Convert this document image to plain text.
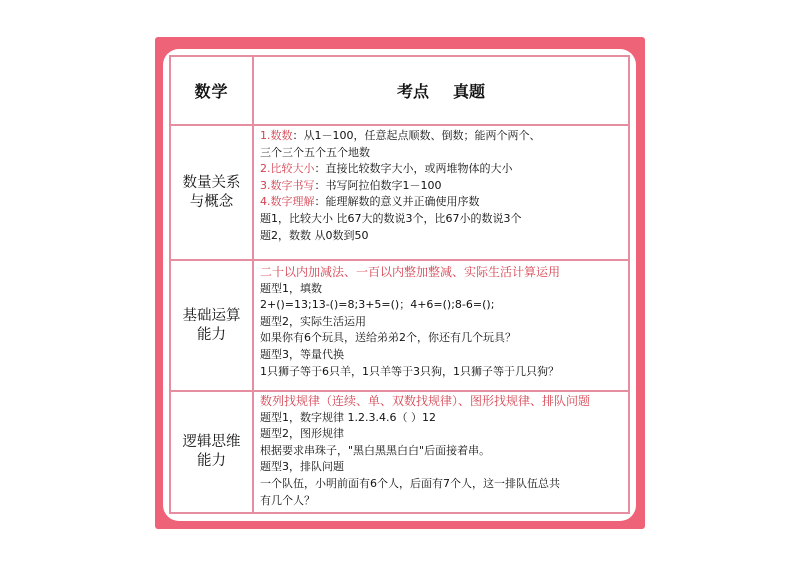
数学	考点 真题
数量关系
与概念
1.数数：从1－100，任意起点顺数、倒数；能两个两个、
三个三个五个五个地数
2.比较大小：直接比较数字大小，或两堆物体的大小
3.数字书写：书写阿拉伯数字1－100
4.数字理解：能理解数的意义并正确使用序数
题1，比较大小 比67大的数说3个，比67小的数说3个
题2，数数 从0数到50
基础运算
能力
二十以内加减法、一百以内整加整减、实际生活计算运用
题型1，填数
2+()=13;13-()=8;3+5=()；4+6=();8-6=();
题型2，实际生活运用
如果你有6个玩具，送给弟弟2个，你还有几个玩具？
题型3，等量代换
1只狮子等于6只羊，1只羊等于3只狗，1只狮子等于几只狗？
逻辑思维
能力
数列找规律（连续、单、双数找规律）、图形找规律、排队问题
题型1，数字规律 1.2.3.4.6（ ）12
题型2，图形规律
根据要求串珠子，"黑白黑黑白白"后面接着串。
题型3，排队问题
一个队伍，小明前面有6个人，后面有7个人，这一排队伍总共
有几个人？
